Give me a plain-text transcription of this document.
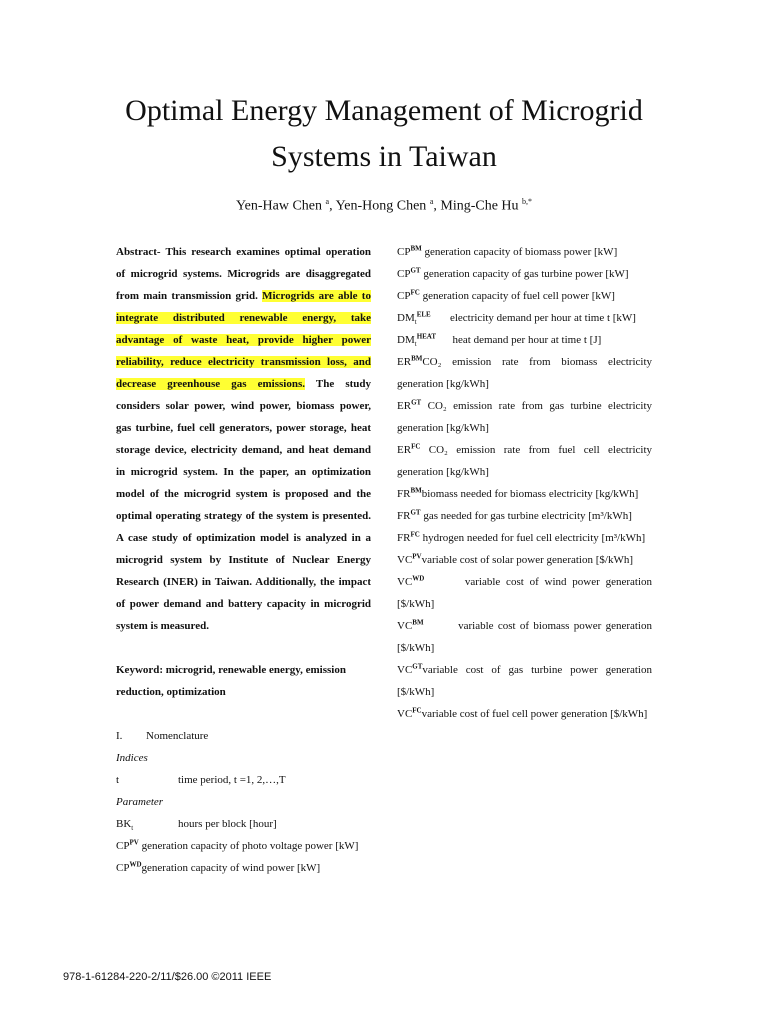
Optimal Energy Management of Microgrid
Systems in Taiwan
Yen-Haw Chen $^a$, Yen-Hong Chen $^a$, Ming-Che Hu $^{b,*}$

Abstract- This research examines optimal operation of microgrid systems. Microgrids are disaggregated from main transmission grid. Microgrids are able to integrate distributed renewable energy, take advantage of waste heat, provide higher power reliability, reduce electricity transmission loss, and decrease greenhouse gas emissions. The study considers solar power, wind power, biomass power, gas turbine, fuel cell generators, power storage, heat storage device, electricity demand, and heat demand in microgrid system. In the paper, an optimization model of the microgrid system is proposed and the optimal operating strategy of the system is presented. A case study of optimization model is analyzed in a microgrid system by Institute of Nuclear Energy Research (INER) in Taiwan. Additionally, the impact of power demand and battery capacity in microgrid system is measured.

Keyword: microgrid, renewable energy, emission reduction, optimization

I. Nomenclature
Indices
t	time period, t =1, 2,…,T
Parameter
$BK_t$	hours per block [hour]

$CP^{PV}$ generation capacity of photo voltage power [kW]

$CP^{WD}generation$ capacity of wind power [kW]

$CP^{BM}$ generation capacity of biomass power [kW]

$CP^{GT}$ generation capacity of gas turbine power [kW]

$CP^{FC}$ generation capacity of fuel cell power [kW]

$DM_t^{ELE}$       electricity demand per hour at time t [kW]

$DM_t^{HEAT}$      heat demand per hour at time t [J]

$ER^{BM}CO_2$ emission rate from biomass electricity generation [kg/kWh]

$ER^{GT}$ CO₂ emission rate from gas turbine electricity generation [kg/kWh]

$ER^{FC}$ CO₂ emission rate from fuel cell electricity generation [kg/kWh]

$FR^{BM}biomass$ needed for biomass electricity [kg/kWh]

$FR^{GT}$ gas needed for gas turbine electricity [m³/kWh]

$FR^{FC}$ hydrogen needed for fuel cell electricity [m³/kWh]

$VC^{PV}variable$ cost of solar power generation [$/kWh]

$VC^{WD}$       variable cost of wind power generation [$/kWh]

$VC^{BM}$        variable cost of biomass power generation [$/kWh]

$VC^{GT}variable$ cost of gas turbine power generation [$/kWh]

$VC^{FC}variable$ cost of fuel cell power generation [$/kWh]

978-1-61284-220-2/11/$26.00 ©2011 IEEE
